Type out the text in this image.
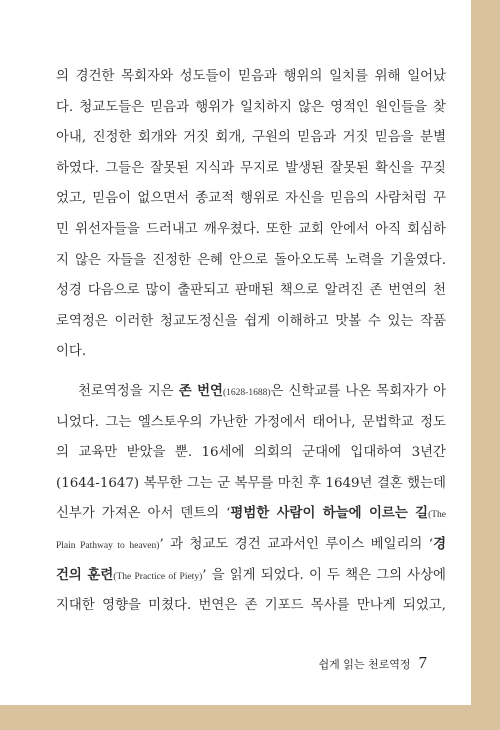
의 경건한 목회자와 성도들이 믿음과 행위의 일치를 위해 일어났
다. 청교도들은 믿음과 행위가 일치하지 않은 영적인 원인들을 찾
아내, 진정한 회개와 거짓 회개, 구원의 믿음과 거짓 믿음을 분별
하였다. 그들은 잘못된 지식과 무지로 발생된 잘못된 확신을 꾸짖
었고, 믿음이 없으면서 종교적 행위로 자신을 믿음의 사람처럼 꾸
민 위선자들을 드러내고 깨우쳤다. 또한 교회 안에서 아직 회심하
지 않은 자들을 진정한 은혜 안으로 돌아오도록 노력을 기울였다.
성경 다음으로 많이 출판되고 판매된 책으로 알려진 존 번연의 천
로역정은 이러한 청교도정신을 쉽게 이해하고 맛볼 수 있는 작품
이다.

천로역정을 지은 존 번연(1628-1688)은 신학교를 나온 목회자가 아
니었다. 그는 엘스토우의 가난한 가정에서 태어나, 문법학교 정도
의 교육만 받았을 뿐. 16세에 의회의 군대에 입대하여 3년간
(1644-1647) 복무한 그는 군 복무를 마친 후 1649년 결혼 했는데
신부가 가져온 아서 덴트의 ‘평범한 사람이 하늘에 이르는 길(The
Plain Pathway to heaven)’ 과 청교도 경건 교과서인 루이스 베일리의 ‘경
건의 훈련(The Practice of Piety)’ 을 읽게 되었다. 이 두 책은 그의 사상에
지대한 영향을 미쳤다. 번연은 존 기포드 목사를 만나게 되었고,

쉽게 읽는 천로역정 7
